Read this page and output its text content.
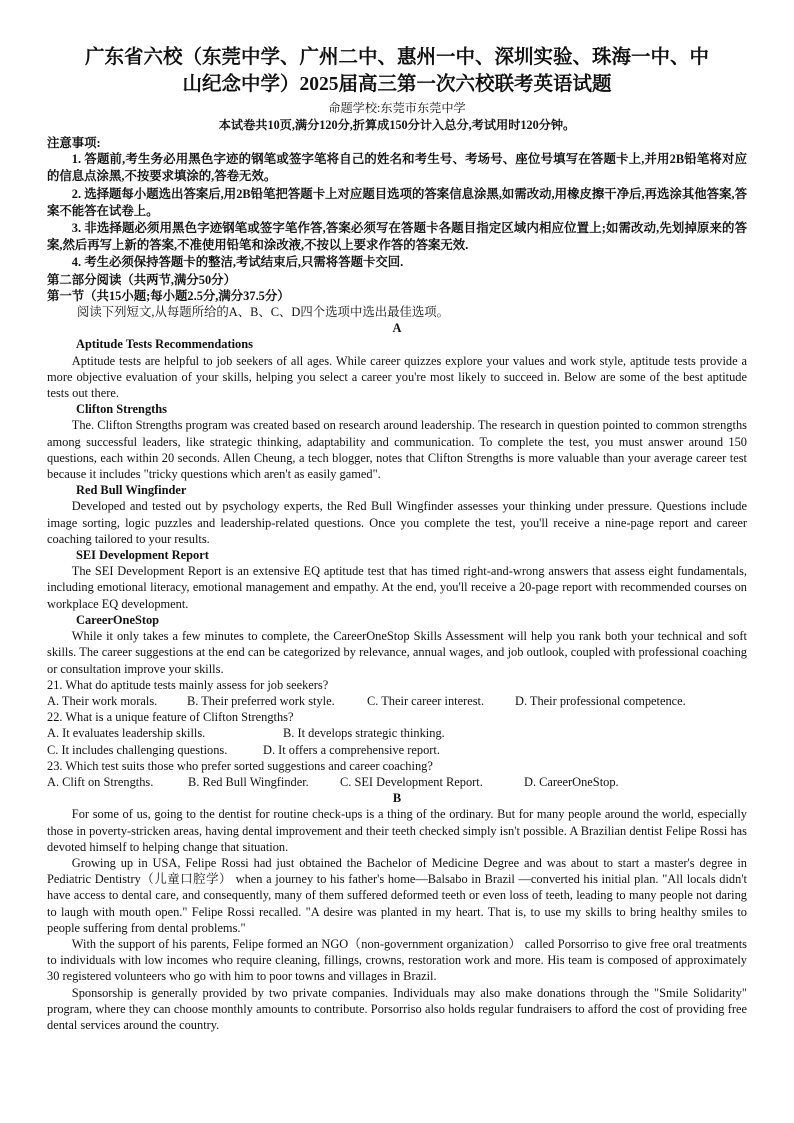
广东省六校（东莞中学、广州二中、惠州一中、深圳实验、珠海一中、中
山纪念中学）2025届高三第一次六校联考英语试题
命题学校:东莞市东莞中学
本试卷共10页,满分120分,折算成150分计入总分,考试用时120分钟。
注意事项:

1. 答题前,考生务必用黑色字迹的钢笔或签字笔将自己的姓名和考生号、考场号、座位号填写在答题卡上,并用2B铅笔将对应的信息点涂黑,不按要求填涂的,答卷无效。

2. 选择题每小题选出答案后,用2B铅笔把答题卡上对应题目选项的答案信息涂黑,如需改动,用橡皮擦干净后,再选涂其他答案,答案不能答在试卷上。

3. 非选择题必须用黑色字迹钢笔或签字笔作答,答案必须写在答题卡各题目指定区域内相应位置上;如需改动,先划掉原来的答案,然后再写上新的答案,不准使用铅笔和涂改液,不按以上要求作答的答案无效.

4. 考生必须保持答题卡的整洁,考试结束后,只需将答题卡交回.

第二部分阅读（共两节,满分50分）
第一节（共15小题;每小题2.5分,满分37.5分）
阅读下列短文,从每题所给的A、B、C、D四个选项中选出最佳选项。
A
Aptitude Tests Recommendations

Aptitude tests are helpful to job seekers of all ages. While career quizzes explore your values and work style, aptitude tests provide a more objective evaluation of your skills, helping you select a career you're most likely to succeed in. Below are some of the best aptitude tests out there.

Clifton Strengths

The. Clifton Strengths program was created based on research around leadership. The research in question pointed to common strengths among successful leaders, like strategic thinking, adaptability and communication. To complete the test, you must answer around 150 questions, each within 20 seconds. Allen Cheung, a tech blogger, notes that Clifton Strengths is more valuable than your average career test because it includes "tricky questions which aren't as easily gamed".

Red Bull Wingfinder

Developed and tested out by psychology experts, the Red Bull Wingfinder assesses your thinking under pressure. Questions include image sorting, logic puzzles and leadership-related questions. Once you complete the test, you'll receive a nine-page report and career coaching tailored to your results.

SEI Development Report

The SEI Development Report is an extensive EQ aptitude test that has timed right-and-wrong answers that assess eight fundamentals, including emotional literacy, emotional management and empathy. At the end, you'll receive a 20-page report with recommended courses on workplace EQ development.

CareerOneStop

While it only takes a few minutes to complete, the CareerOneStop Skills Assessment will help you rank both your technical and soft skills. The career suggestions at the end can be categorized by relevance, annual wages, and job outlook, coupled with professional coaching or consultation improve your skills.

21. What do aptitude tests mainly assess for job seekers?
A. Their work morals. B. Their preferred work style.	C. Their career interest. D. Their professional competence.
22. What is a unique feature of Clifton Strengths?
A. It evaluates leadership skills.	B. It develops strategic thinking.
C. It includes challenging questions.	D. It offers a comprehensive report.
23. Which test suits those who prefer sorted suggestions and career coaching?
A. Clift on Strengths.	B. Red Bull Wingfinder.	C. SEI Development Report.	D. CareerOneStop.
B

For some of us, going to the dentist for routine check-ups is a thing of the ordinary. But for many people around the world, especially those in poverty-stricken areas, having dental improvement and their teeth checked simply isn't possible. A Brazilian dentist Felipe Rossi has devoted himself to helping change that situation.

Growing up in USA, Felipe Rossi had just obtained the Bachelor of Medicine Degree and was about to start a master's degree in Pediatric Dentistry（儿童口腔学） when a journey to his father's home—Balsabo in Brazil —converted his initial plan. "All locals didn't have access to dental care, and consequently, many of them suffered deformed teeth or even loss of teeth, leading to many people not daring to laugh with mouth open." Felipe Rossi recalled. "A desire was planted in my heart. That is, to use my skills to bring healthy smiles to people suffering from dental problems."

With the support of his parents, Felipe formed an NGO（non-government organization） called Porsorriso to give free oral treatments to individuals with low incomes who require cleaning, fillings, crowns, restoration work and more. His team is composed of approximately 30 registered volunteers who go with him to poor towns and villages in Brazil.

Sponsorship is generally provided by two private companies. Individuals may also make donations through the "Smile Solidarity" program, where they can choose monthly amounts to contribute. Porsorriso also holds regular fundraisers to afford the cost of providing free dental services around the country.
